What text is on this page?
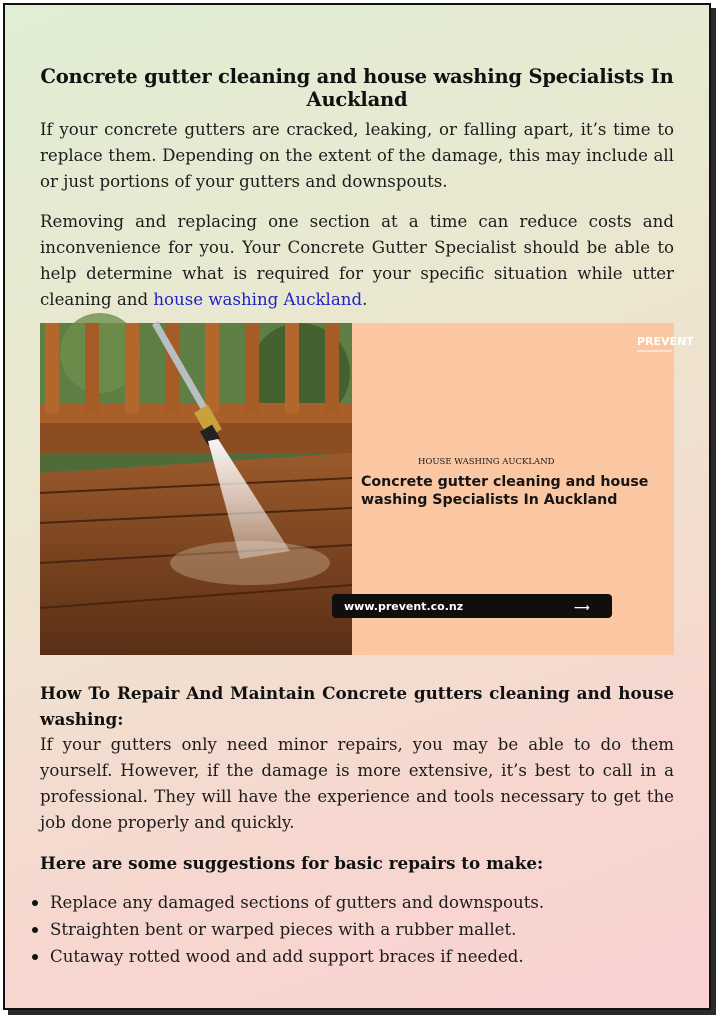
Concrete gutter cleaning and house washing Specialists In Auckland

If your concrete gutters are cracked, leaking, or falling apart, it’s time to replace them. Depending on the extent of the damage, this may include all or just portions of your gutters and downspouts.

Removing and replacing one section at a time can reduce costs and inconvenience for you. Your Concrete Gutter Specialist should be able to help determine what is required for your specific situation while utter cleaning and house washing Auckland.

PREVENT
HOUSE WASHING AUCKLAND
Concrete gutter cleaning and house
washing Specialists In Auckland
www.prevent.co.nz	⟶

How To Repair And Maintain Concrete gutters cleaning and house washing:

If your gutters only need minor repairs, you may be able to do them yourself. However, if the damage is more extensive, it’s best to call in a professional. They will have the experience and tools necessary to get the job done properly and quickly.

Here are some suggestions for basic repairs to make:

Replace any damaged sections of gutters and downspouts.
Straighten bent or warped pieces with a rubber mallet.
Cutaway rotted wood and add support braces if needed.
